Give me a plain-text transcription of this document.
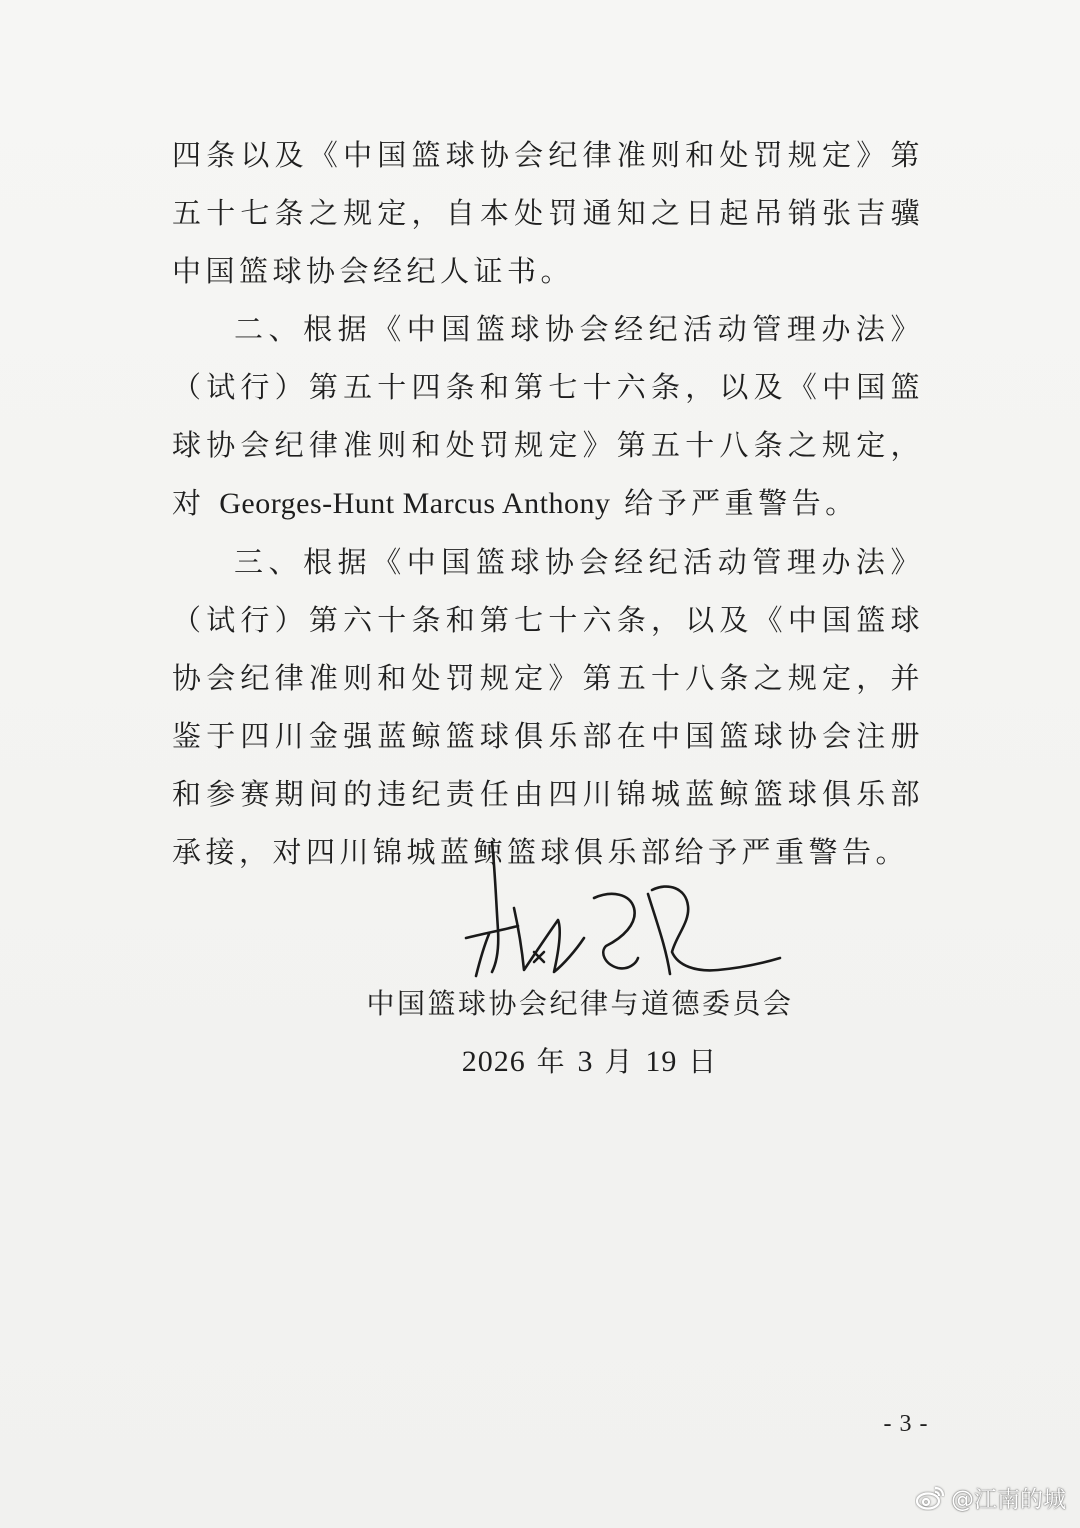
四条以及《中国篮球协会纪律准则和处罚规定》第五十七条之规定，自本处罚通知之日起吊销张吉骥中国篮球协会经纪人证书。

二、根据《中国篮球协会经纪活动管理办法》（试行）第五十四条和第七十六条，以及《中国篮球协会纪律准则和处罚规定》第五十八条之规定，对 Georges-Hunt Marcus Anthony 给予严重警告。

三、根据《中国篮球协会经纪活动管理办法》（试行）第六十条和第七十六条，以及《中国篮球协会纪律准则和处罚规定》第五十八条之规定，并鉴于四川金强蓝鲸篮球俱乐部在中国篮球协会注册和参赛期间的违纪责任由四川锦城蓝鲸篮球俱乐部承接，对四川锦城蓝鲸篮球俱乐部给予严重警告。

中国篮球协会纪律与道德委员会
2026 年 3 月 19 日
- 3 -
@江南的城
